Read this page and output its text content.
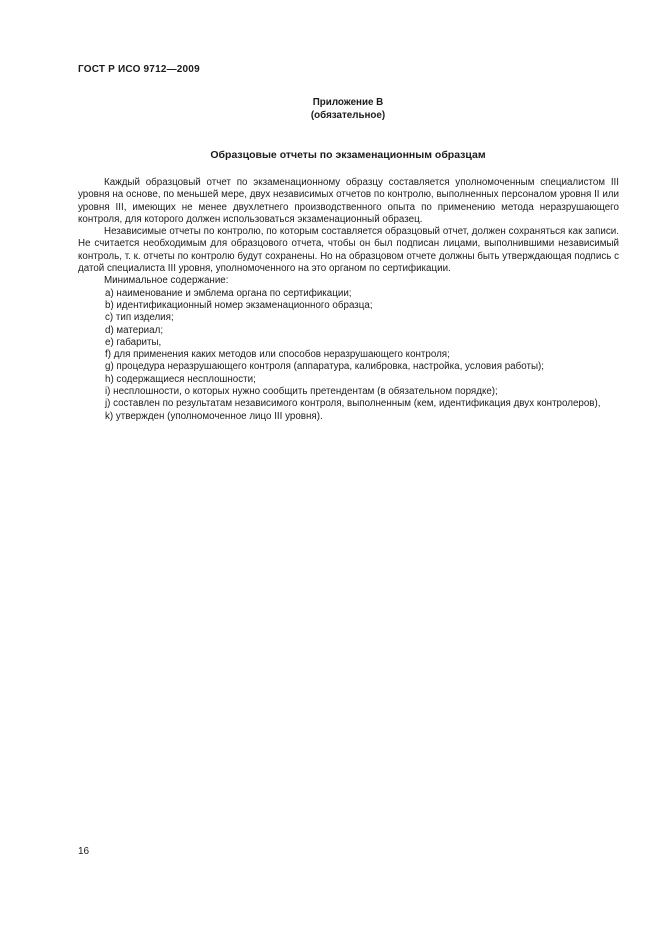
ГОСТ Р ИСО 9712—2009
Приложение В
(обязательное)
Образцовые отчеты по экзаменационным образцам

Каждый образцовый отчет по экзаменационному образцу составляется уполномоченным специалистом III уровня на основе, по меньшей мере, двух независимых отчетов по контролю, выполненных персоналом уровня II или уровня III, имеющих не менее двухлетнего производственного опыта по применению метода неразрушающего контроля, для которого должен использоваться экзаменационный образец.

Независимые отчеты по контролю, по которым составляется образцовый отчет, должен сохраняться как записи. Не считается необходимым для образцового отчета, чтобы он был подписан лицами, выполнившими независимый контроль, т. к. отчеты по контролю будут сохранены. Но на образцовом отчете должны быть утверждающая подпись с датой специалиста III уровня, уполномоченного на это органом по сертификации.

Минимальное содержание:

a) наименование и эмблема органа по сертификации;
b) идентификационный номер экзаменационного образца;
c) тип изделия;
d) материал;
e) габариты,
f) для применения каких методов или способов неразрушающего контроля;
g) процедура неразрушающего контроля (аппаратура, калибровка, настройка, условия работы);
h) содержащиеся несплошности;
i) несплошности, о которых нужно сообщить претендентам (в обязательном порядке);
j) составлен по результатам независимого контроля, выполненным (кем, идентификация двух контролеров),
k) утвержден (уполномоченное лицо III уровня).
16
